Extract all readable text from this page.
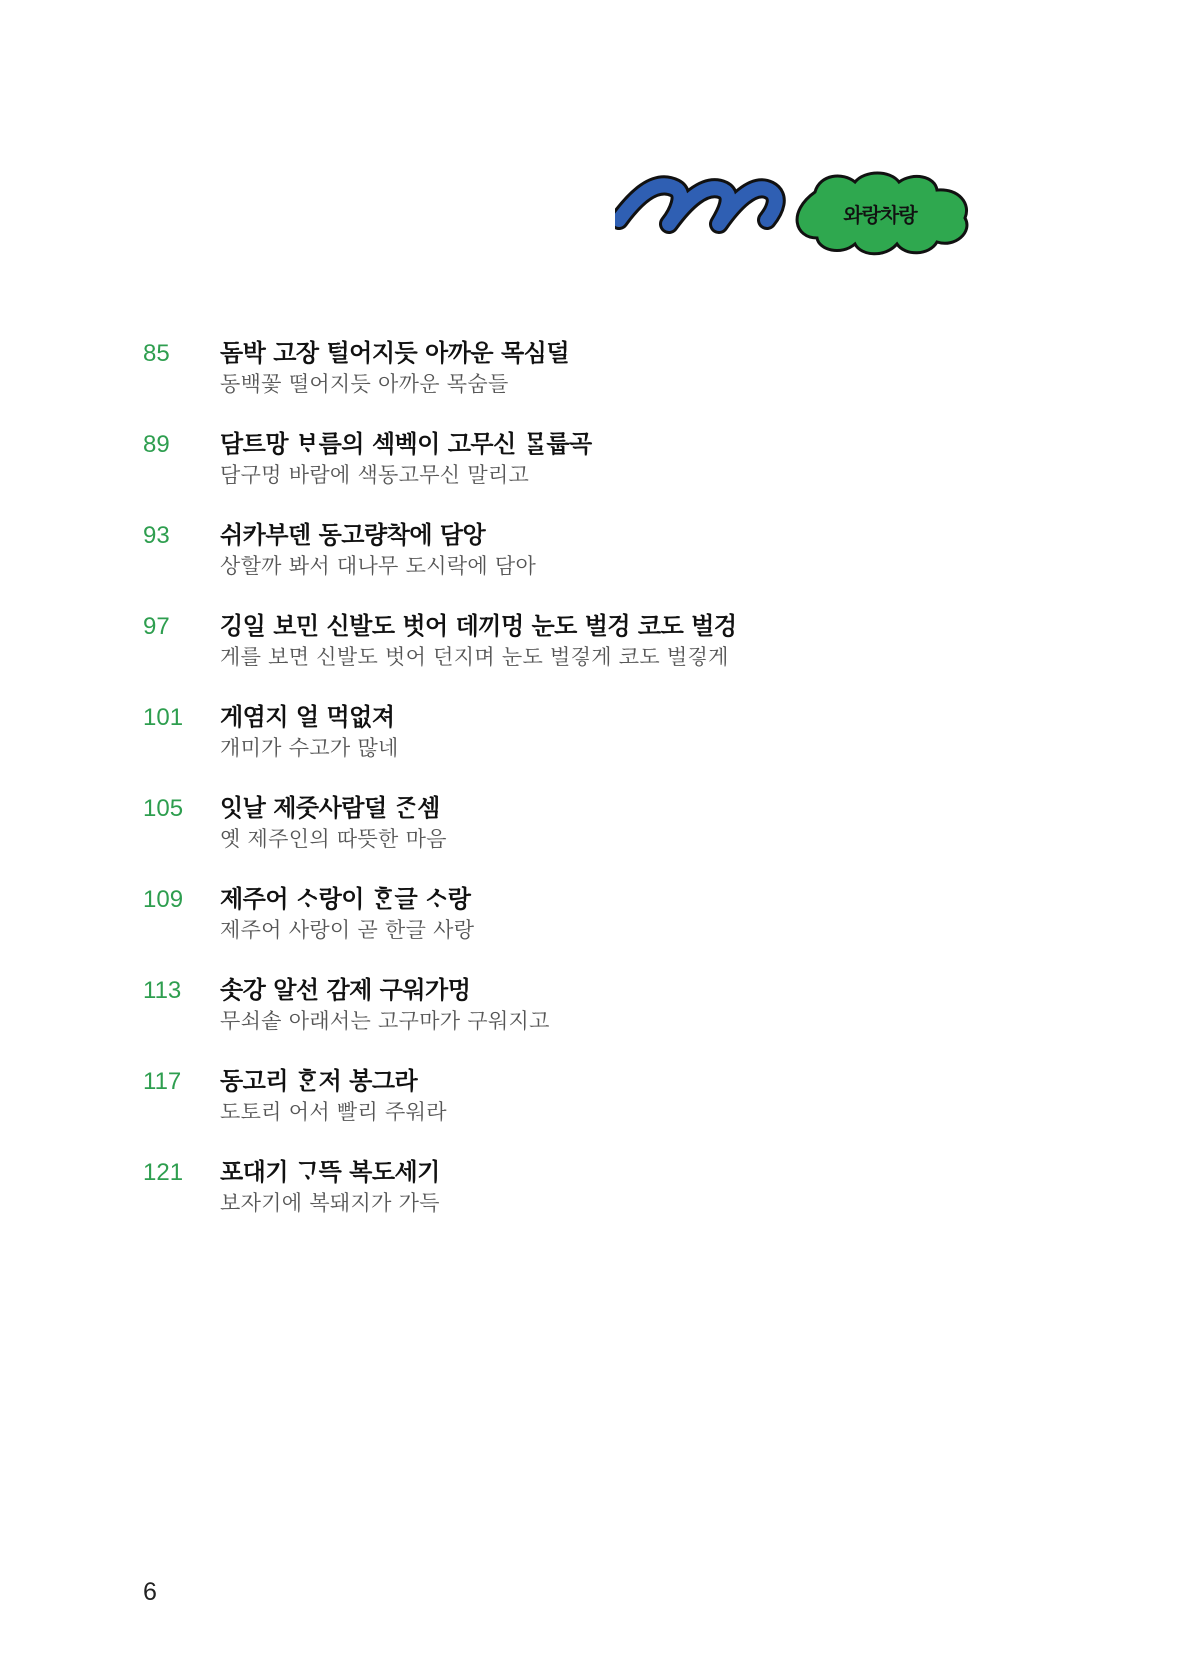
와랑차랑
85	돔박 고장 털어지듯 아까운 목심덜
동백꽃 떨어지듯 아까운 목숨들
89	담트망 ᄇᆞ름의 섹벡이 고무신 ᄆᆞᆯ룹곡
담구멍 바람에 색동고무신 말리고
93	쉬카부덴 동고량착에 담앙
상할까 봐서 대나무 도시락에 담아
97	깅일 보민 신발도 벗어 데끼멍 눈도 벌겅 코도 벌겅
게를 보면 신발도 벗어 던지며 눈도 벌겋게 코도 벌겋게
101	게염지 얼 먹없져
개미가 수고가 많네
105	잇날 제줏사람덜 ᄌᆞᆫ셈
옛 제주인의 따뜻한 마음
109	제주어 ᄉᆞ랑이 ᄒᆞᆫ글 ᄉᆞ랑
제주어 사랑이 곧 한글 사랑
113	솟강 알선 감제 구워가멍
무쇠솥 아래서는 고구마가 구워지고
117	동고리 ᄒᆞᆫ저 봉그라
도토리 어서 빨리 주워라
121	포대기 ᄀᆞ뜩 복도세기
보자기에 복돼지가 가득
6
